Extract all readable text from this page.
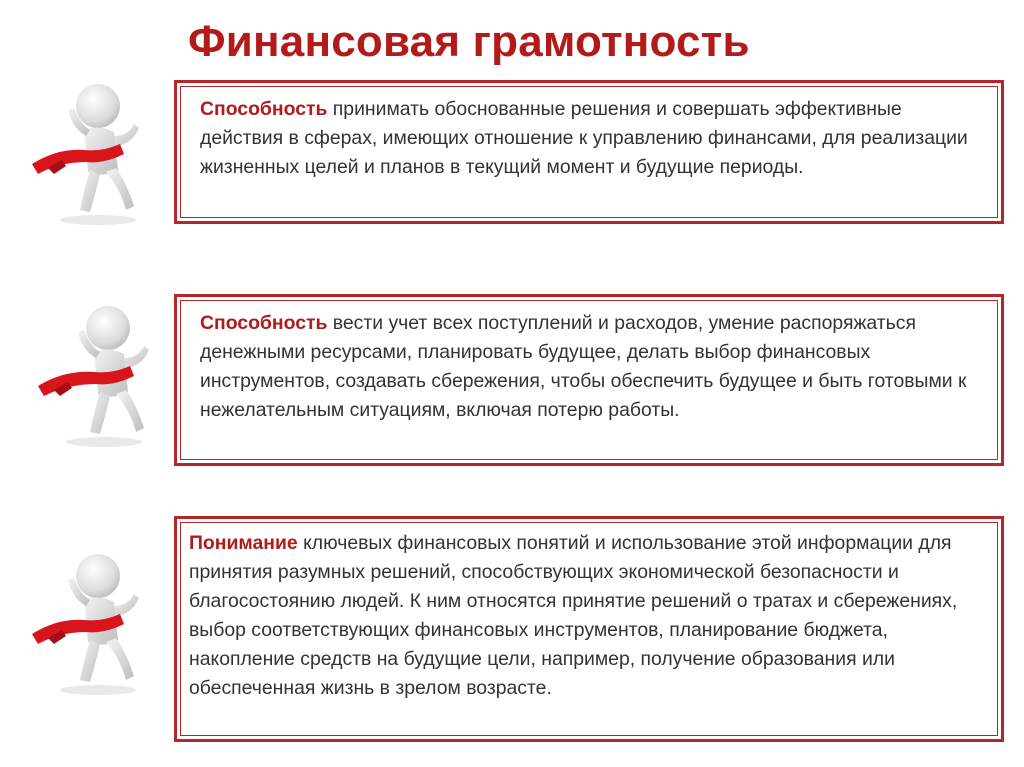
Финансовая грамотность

Способность принимать обоснованные решения и совершать эффективные действия в сферах, имеющих отношение к управлению финансами, для реализации жизненных целей и планов в текущий момент и будущие периоды.

Способность вести учет всех поступлений и расходов, умение распоряжаться денежными ресурсами, планировать будущее, делать выбор финансовых инструментов, создавать сбережения, чтобы обеспечить будущее и быть готовыми к нежелательным ситуациям, включая потерю работы.

Понимание ключевых финансовых понятий и использование этой информации для принятия разумных решений, способствующих экономической безопасности и благосостоянию людей. К ним относятся принятие решений о тратах и сбережениях, выбор соответствующих финансовых инструментов, планирование бюджета, накопление средств на будущие цели, например, получение образования или обеспеченная жизнь в зрелом возрасте.
